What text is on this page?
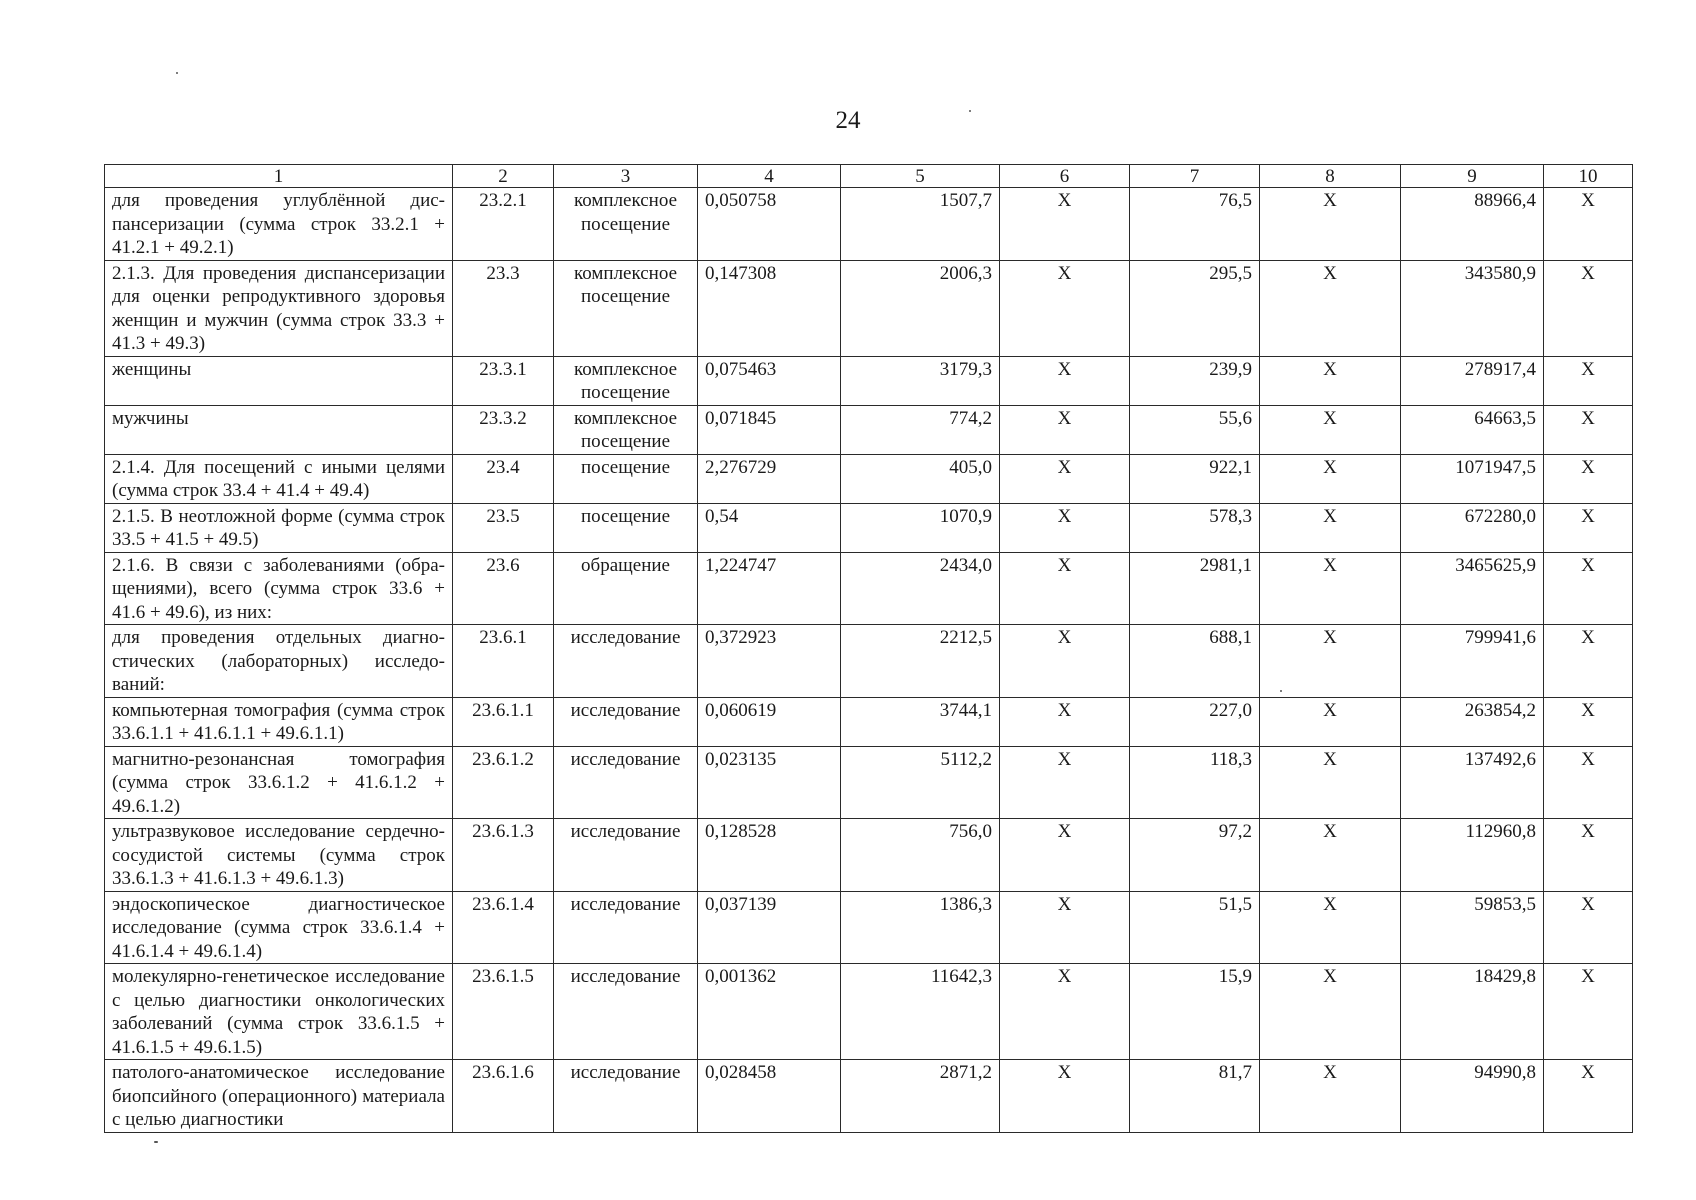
24
1	2	3	4	5	6	7	8	9	10
для проведения углублённой диспансеризации (сумма строк 33.2.1 + 41.2.1 + 49.2.1)	23.2.1	комплексное посещение	0,050758	1507,7	X	76,5	X	88966,4	X
2.1.3. Для проведения диспансеризации для оценки репродуктивного здоровья женщин и мужчин (сумма строк 33.3 + 41.3 + 49.3)	23.3	комплексное посещение	0,147308	2006,3	X	295,5	X	343580,9	X
женщины	23.3.1	комплексное посещение	0,075463	3179,3	X	239,9	X	278917,4	X
мужчины	23.3.2	комплексное посещение	0,071845	774,2	X	55,6	X	64663,5	X
2.1.4. Для посещений с иными целями (сумма строк 33.4 + 41.4 + 49.4)	23.4	посещение	2,276729	405,0	X	922,1	X	1071947,5	X
2.1.5. В неотложной форме (сумма строк 33.5 + 41.5 + 49.5)	23.5	посещение	0,54	1070,9	X	578,3	X	672280,0	X
2.1.6. В связи с заболеваниями (обращениями), всего (сумма строк 33.6 + 41.6 + 49.6), из них:	23.6	обращение	1,224747	2434,0	X	2981,1	X	3465625,9	X
для проведения отдельных диагностических (лабораторных) исследований:	23.6.1	исследование	0,372923	2212,5	X	688,1	X	799941,6	X
компьютерная томография (сумма строк 33.6.1.1 + 41.6.1.1 + 49.6.1.1)	23.6.1.1	исследование	0,060619	3744,1	X	227,0	X	263854,2	X
магнитно-резонансная томография (сумма строк 33.6.1.2 + 41.6.1.2 + 49.6.1.2)	23.6.1.2	исследование	0,023135	5112,2	X	118,3	X	137492,6	X
ультразвуковое исследование сердечно-сосудистой системы (сумма строк 33.6.1.3 + 41.6.1.3 + 49.6.1.3)	23.6.1.3	исследование	0,128528	756,0	X	97,2	X	112960,8	X
эндоскопическое диагностическое исследование (сумма строк 33.6.1.4 + 41.6.1.4 + 49.6.1.4)	23.6.1.4	исследование	0,037139	1386,3	X	51,5	X	59853,5	X
молекулярно-генетическое исследование с целью диагностики онкологических заболеваний (сумма строк 33.6.1.5 + 41.6.1.5 + 49.6.1.5)	23.6.1.5	исследование	0,001362	11642,3	X	15,9	X	18429,8	X
патолого-анатомическое исследование биопсийного (операционного) материала с целью диагностики	23.6.1.6	исследование	0,028458	2871,2	X	81,7	X	94990,8	X
